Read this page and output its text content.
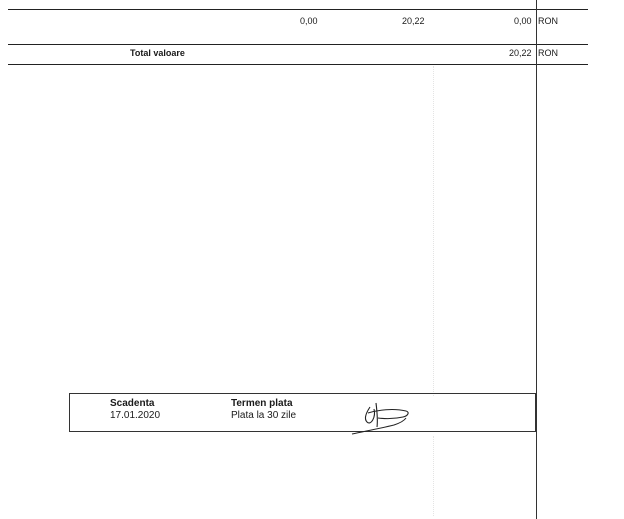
0,00	20,22	0,00 RON
Total valoare	20,22 RON
Scadenta
17.01.2020
Termen plata
Plata la 30 zile
